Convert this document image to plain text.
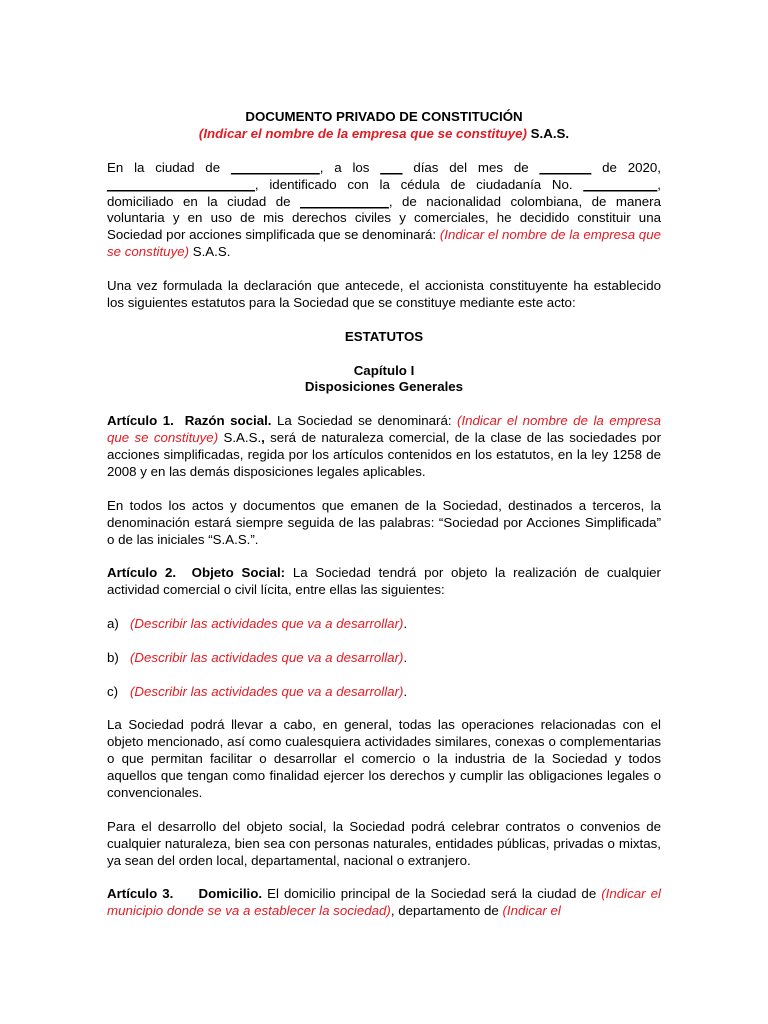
DOCUMENTO PRIVADO DE CONSTITUCIÓN

(Indicar el nombre de la empresa que se constituye) S.A.S.

En la ciudad de ____________, a los ___ días del mes de _______ de 2020, ____________________, identificado con la cédula de ciudadanía No. __________, domiciliado en la ciudad de ____________, de nacionalidad colombiana, de manera voluntaria y en uso de mis derechos civiles y comerciales, he decidido constituir una Sociedad por acciones simplificada que se denominará: (Indicar el nombre de la empresa que se constituye) S.A.S.

Una vez formulada la declaración que antecede, el accionista constituyente ha establecido los siguientes estatutos para la Sociedad que se constituye mediante este acto:

ESTATUTOS

Capítulo I

Disposiciones Generales

Artículo 1. Razón social. La Sociedad se denominará: (Indicar el nombre de la empresa que se constituye) S.A.S., será de naturaleza comercial, de la clase de las sociedades por acciones simplificadas, regida por los artículos contenidos en los estatutos, en la ley 1258 de 2008 y en las demás disposiciones legales aplicables.

En todos los actos y documentos que emanen de la Sociedad, destinados a terceros, la denominación estará siempre seguida de las palabras: “Sociedad por Acciones Simplificada” o de las iniciales “S.A.S.”.

Artículo 2. Objeto Social: La Sociedad tendrá por objeto la realización de cualquier actividad comercial o civil lícita, entre ellas las siguientes:

a) (Describir las actividades que va a desarrollar).
b) (Describir las actividades que va a desarrollar).
c) (Describir las actividades que va a desarrollar).

La Sociedad podrá llevar a cabo, en general, todas las operaciones relacionadas con el objeto mencionado, así como cualesquiera actividades similares, conexas o complementarias o que permitan facilitar o desarrollar el comercio o la industria de la Sociedad y todos aquellos que tengan como finalidad ejercer los derechos y cumplir las obligaciones legales o convencionales.

Para el desarrollo del objeto social, la Sociedad podrá celebrar contratos o convenios de cualquier naturaleza, bien sea con personas naturales, entidades públicas, privadas o mixtas, ya sean del orden local, departamental, nacional o extranjero.

Artículo 3. Domicilio. El domicilio principal de la Sociedad será la ciudad de (Indicar el municipio donde se va a establecer la sociedad), departamento de (Indicar el
